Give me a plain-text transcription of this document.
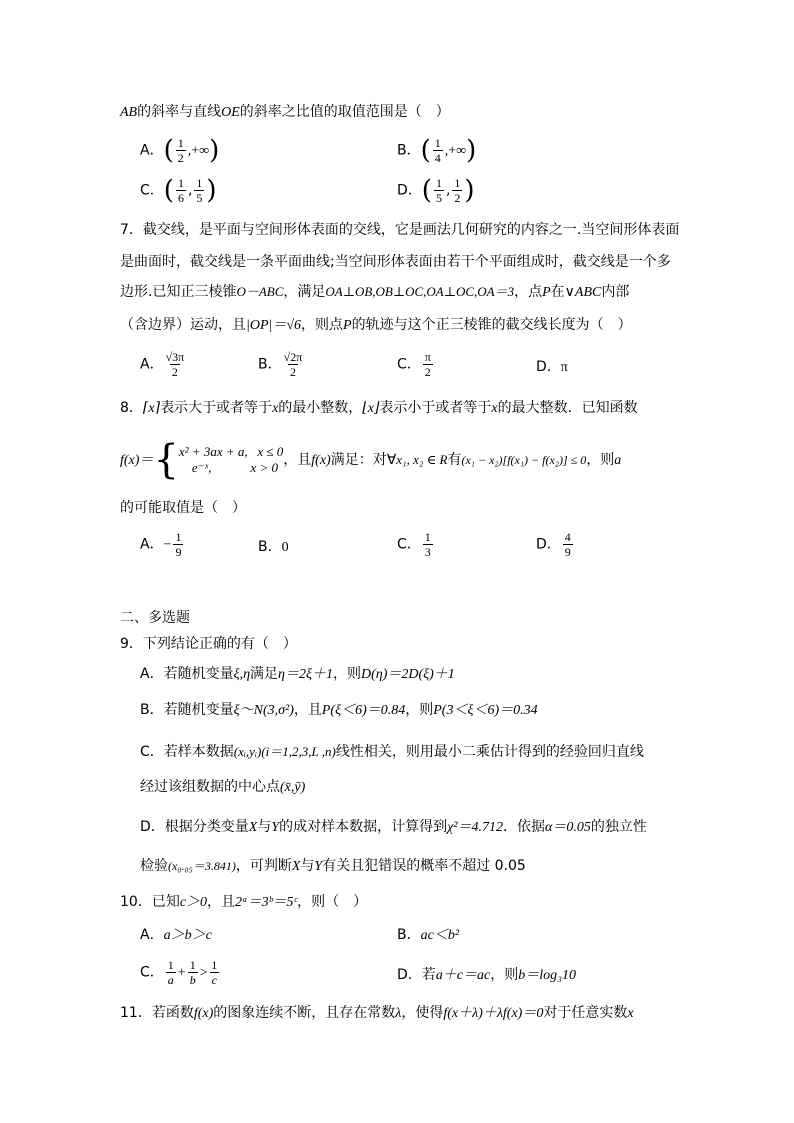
AB的斜率与直线OE的斜率之比值的取值范围是（　）
A．( $\frac{1}{2}$ ,+∞)	B．( $\frac{1}{4}$ ,+∞)
C．( $\frac{1}{6}$ , $\frac{1}{5}$ )	D．( $\frac{1}{5}$ , $\frac{1}{2}$ )
7．截交线，是平面与空间形体表面的交线，它是画法几何研究的内容之一.当空间形体表面
是曲面时，截交线是一条平面曲线;当空间形体表面由若干个平面组成时，截交线是一个多
边形.已知正三棱锥O－ABC，满足OA⊥OB,OB⊥OC,OA⊥OC,OA＝3，点P在∨ABC内部
（含边界）运动，且|OP|＝√6，则点P的轨迹与这个正三棱锥的截交线长度为（　）
A． $\frac{√3\pi}{2}$	B． $\frac{√2\pi}{2}$	C． $\frac{\pi}{2}$	D．π
8．⌈x⌉表示大于或者等于x的最小整数，⌊x⌋表示小于或者等于x的最大整数．已知函数
f(x)＝{ x² + 3ax + a,   x ≤ 0
e⁻ˣ,            x > 0 ，且f(x)满足：对∀x₁, x₂ ∈ R有(x₁ − x₂)[f(x₁) − f(x₂)] ≤ 0，则a
的可能取值是（　）
A．− $\frac{1}{9}$	B．0	C． $\frac{1}{3}$	D． $\frac{4}{9}$
二、多选题
9．下列结论正确的有（　）
A．若随机变量ξ,η满足η＝2ξ＋1，则D(η)＝2D(ξ)＋1
B．若随机变量ξ～N(3,σ²)，且P(ξ＜6)＝0.84，则P(3＜ξ＜6)＝0.34
C．若样本数据(xᵢ,yᵢ)(i＝1,2,3,L ,n)线性相关，则用最小二乘估计得到的经验回归直线
经过该组数据的中心点(x̄,ȳ)
D．根据分类变量X与Y的成对样本数据，计算得到χ²＝4.712．依据α＝0.05的独立性
检验(x₀.₀₅＝3.841)，可判断X与Y有关且犯错误的概率不超过 0.05
10．已知c＞0，且2ᵃ＝3ᵇ＝5ᶜ，则（　）
A．a＞b＞c	B．ac＜b²
C． $\frac{1}{a} + \frac{1}{b} > \frac{1}{c}$	D．若a＋c＝ac，则b＝log₃10
11．若函数f(x)的图象连续不断，且存在常数λ，使得f(x＋λ)＋λf(x)＝0对于任意实数x
